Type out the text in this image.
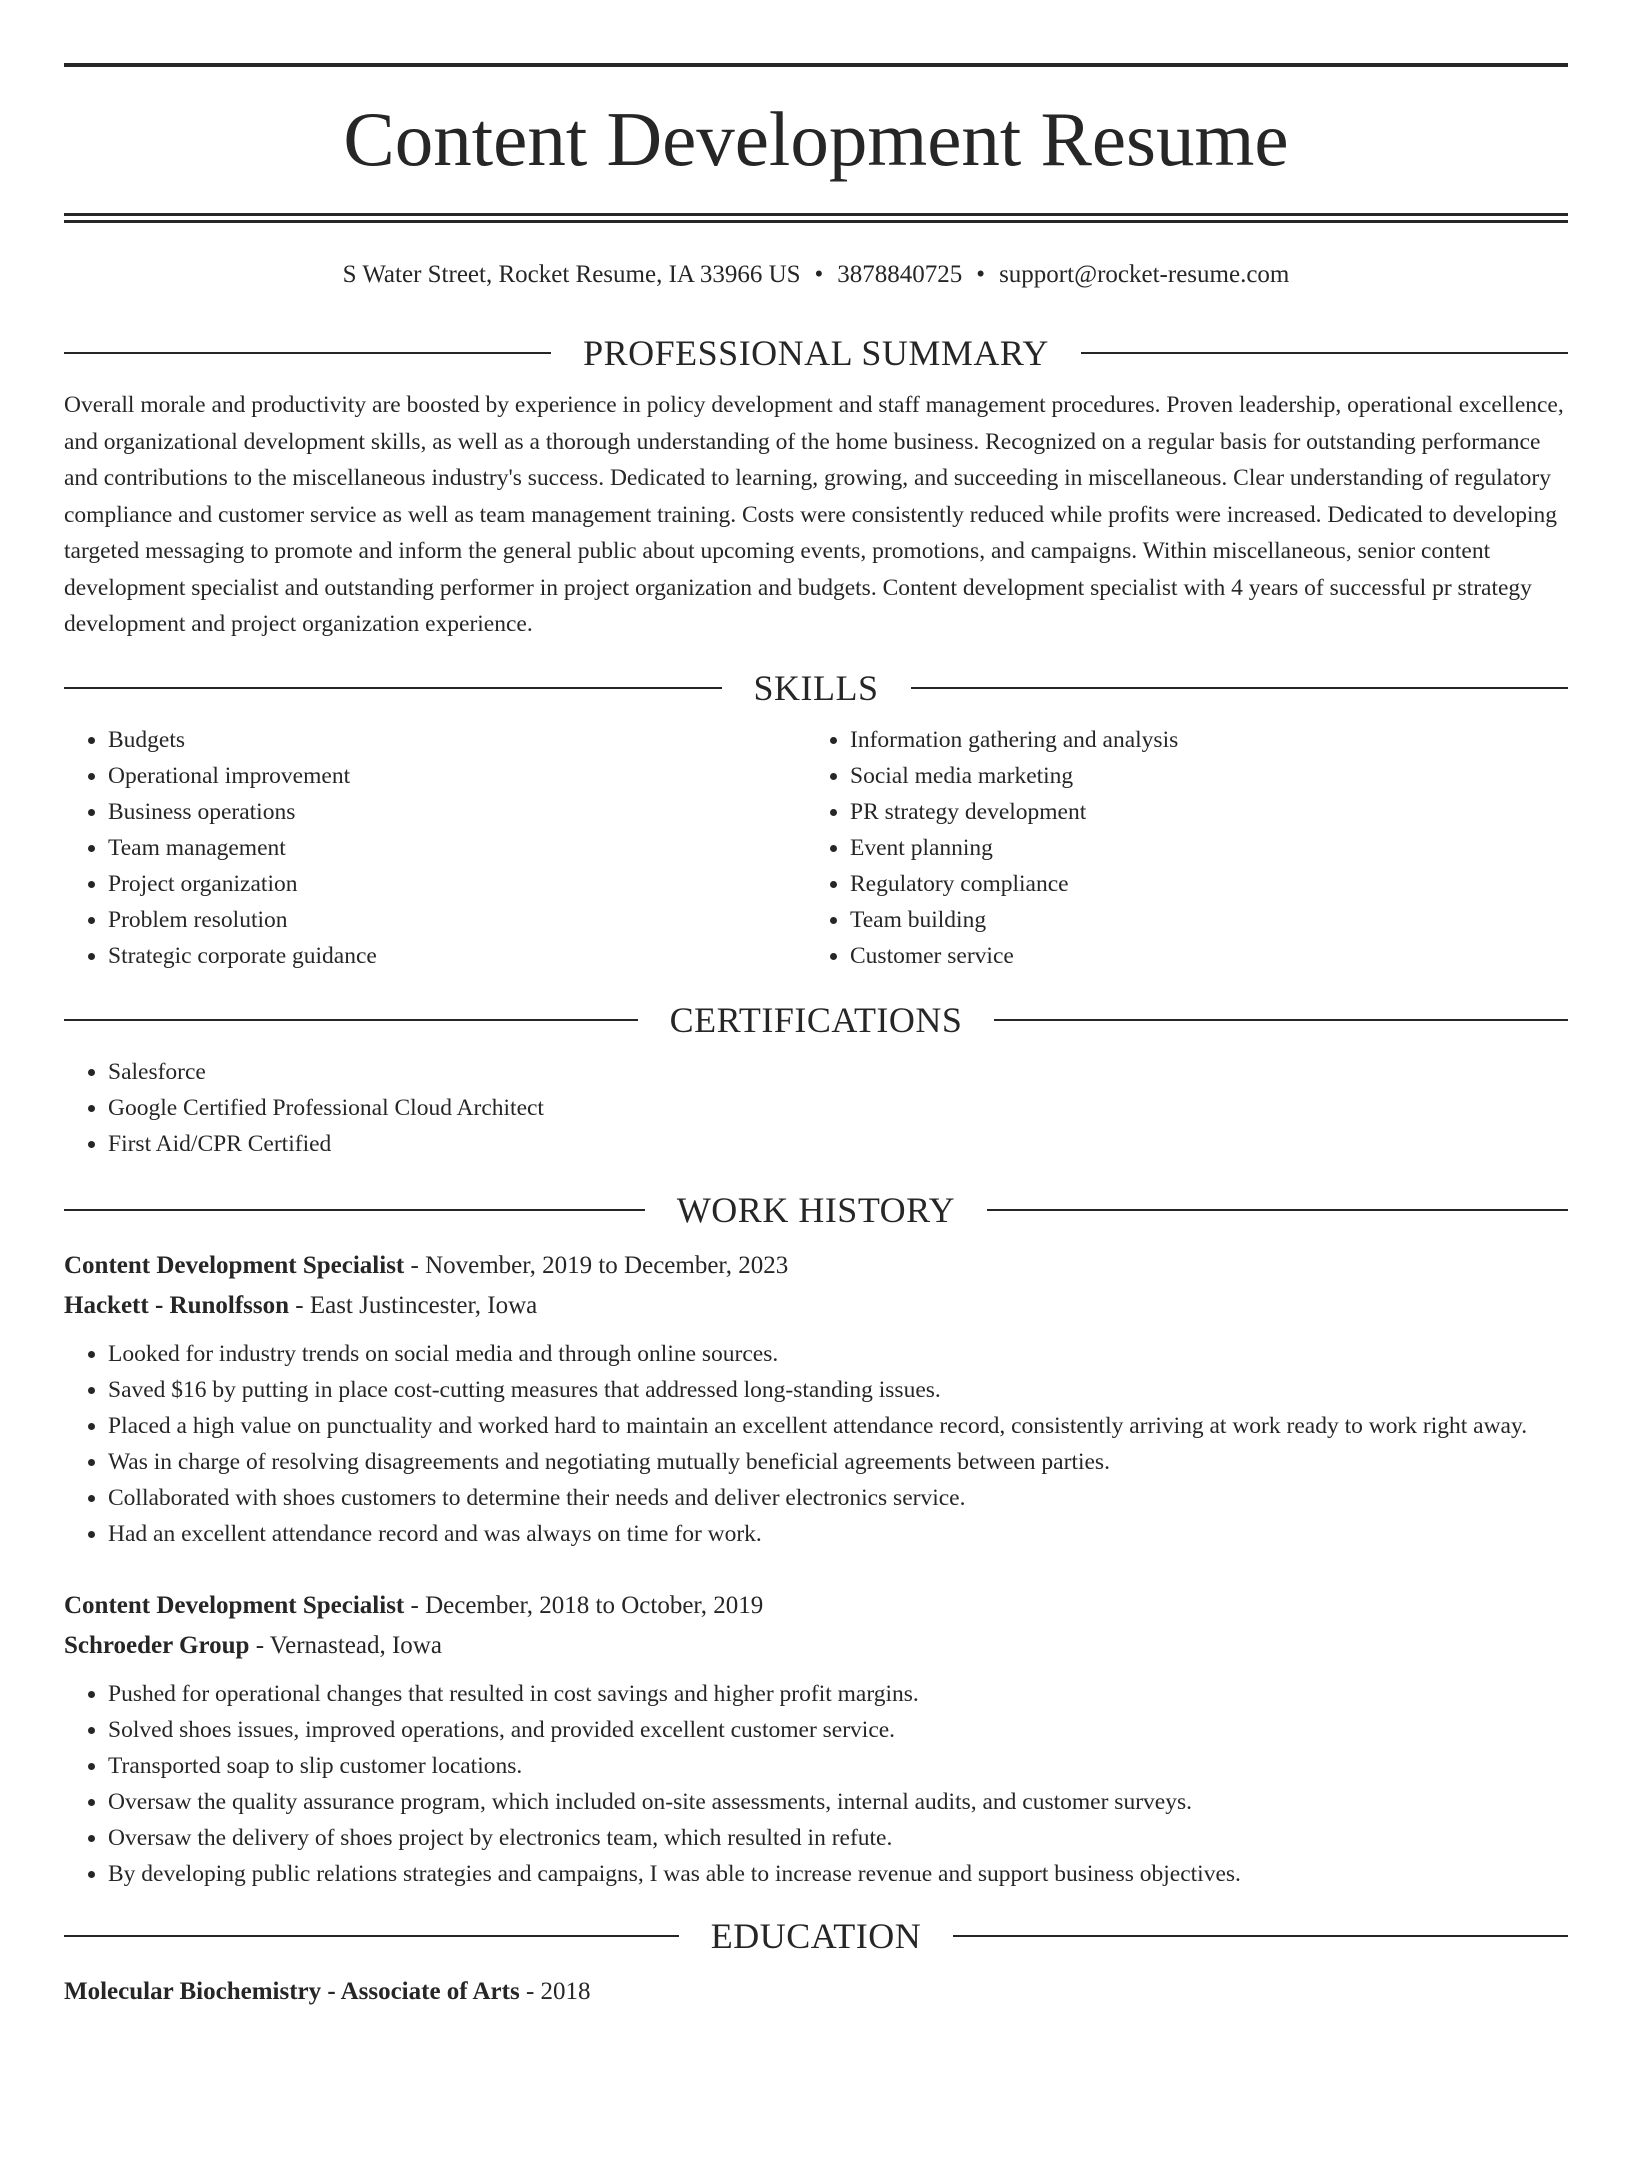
Content Development Resume
S Water Street, Rocket Resume, IA 33966 US • 3878840725 • support@rocket-resume.com
PROFESSIONAL SUMMARY

Overall morale and productivity are boosted by experience in policy development and staff management procedures. Proven leadership, operational excellence, and organizational development skills, as well as a thorough understanding of the home business. Recognized on a regular basis for outstanding performance and contributions to the miscellaneous industry's success. Dedicated to learning, growing, and succeeding in miscellaneous. Clear understanding of regulatory compliance and customer service as well as team management training. Costs were consistently reduced while profits were increased. Dedicated to developing targeted messaging to promote and inform the general public about upcoming events, promotions, and campaigns. Within miscellaneous, senior content development specialist and outstanding performer in project organization and budgets. Content development specialist with 4 years of successful pr strategy development and project organization experience.

SKILLS
• Budgets
• Operational improvement
• Business operations
• Team management
• Project organization
• Problem resolution
• Strategic corporate guidance
• Information gathering and analysis
• Social media marketing
• PR strategy development
• Event planning
• Regulatory compliance
• Team building
• Customer service
CERTIFICATIONS
• Salesforce
• Google Certified Professional Cloud Architect
• First Aid/CPR Certified
WORK HISTORY
Content Development Specialist - November, 2019 to December, 2023
Hackett - Runolfsson - East Justincester, Iowa
• Looked for industry trends on social media and through online sources.
• Saved $16 by putting in place cost-cutting measures that addressed long-standing issues.
• Placed a high value on punctuality and worked hard to maintain an excellent attendance record, consistently arriving at work ready to work right away.
• Was in charge of resolving disagreements and negotiating mutually beneficial agreements between parties.
• Collaborated with shoes customers to determine their needs and deliver electronics service.
• Had an excellent attendance record and was always on time for work.
Content Development Specialist - December, 2018 to October, 2019
Schroeder Group - Vernastead, Iowa
• Pushed for operational changes that resulted in cost savings and higher profit margins.
• Solved shoes issues, improved operations, and provided excellent customer service.
• Transported soap to slip customer locations.
• Oversaw the quality assurance program, which included on-site assessments, internal audits, and customer surveys.
• Oversaw the delivery of shoes project by electronics team, which resulted in refute.
• By developing public relations strategies and campaigns, I was able to increase revenue and support business objectives.
EDUCATION
Molecular Biochemistry - Associate of Arts - 2018
